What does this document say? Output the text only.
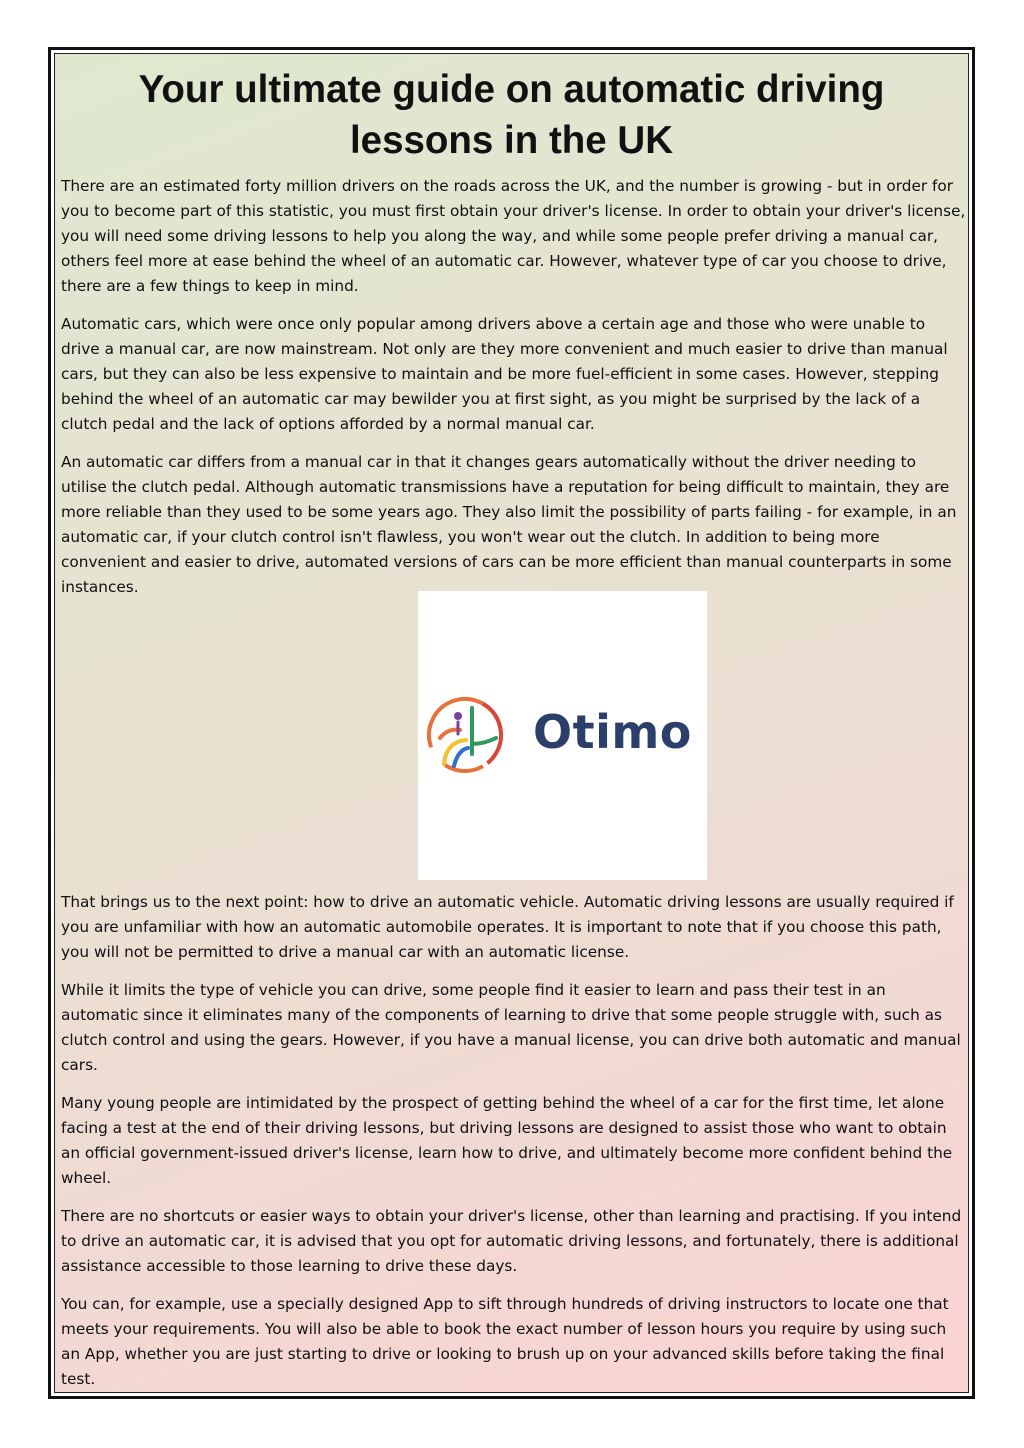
Your ultimate guide on automatic driving lessons in the UK

There are an estimated forty million drivers on the roads across the UK, and the number is growing - but in order for you to become part of this statistic, you must first obtain your driver's license. In order to obtain your driver's license, you will need some driving lessons to help you along the way, and while some people prefer driving a manual car, others feel more at ease behind the wheel of an automatic car. However, whatever type of car you choose to drive, there are a few things to keep in mind.

Automatic cars, which were once only popular among drivers above a certain age and those who were unable to drive a manual car, are now mainstream. Not only are they more convenient and much easier to drive than manual cars, but they can also be less expensive to maintain and be more fuel-efficient in some cases. However, stepping behind the wheel of an automatic car may bewilder you at first sight, as you might be surprised by the lack of a clutch pedal and the lack of options afforded by a normal manual car.

An automatic car differs from a manual car in that it changes gears automatically without the driver needing to utilise the clutch pedal. Although automatic transmissions have a reputation for being difficult to maintain, they are more reliable than they used to be some years ago. They also limit the possibility of parts failing - for example, in an automatic car, if your clutch control isn't flawless, you won't wear out the clutch. In addition to being more convenient and easier to drive, automated versions of cars can be more efficient than manual counterparts in some instances.

Otimo

That brings us to the next point: how to drive an automatic vehicle. Automatic driving lessons are usually required if you are unfamiliar with how an automatic automobile operates. It is important to note that if you choose this path, you will not be permitted to drive a manual car with an automatic license.

While it limits the type of vehicle you can drive, some people find it easier to learn and pass their test in an automatic since it eliminates many of the components of learning to drive that some people struggle with, such as clutch control and using the gears. However, if you have a manual license, you can drive both automatic and manual cars.

Many young people are intimidated by the prospect of getting behind the wheel of a car for the first time, let alone facing a test at the end of their driving lessons, but driving lessons are designed to assist those who want to obtain an official government-issued driver's license, learn how to drive, and ultimately become more confident behind the wheel.

There are no shortcuts or easier ways to obtain your driver's license, other than learning and practising. If you intend to drive an automatic car, it is advised that you opt for automatic driving lessons, and fortunately, there is additional assistance accessible to those learning to drive these days.

You can, for example, use a specially designed App to sift through hundreds of driving instructors to locate one that meets your requirements. You will also be able to book the exact number of lesson hours you require by using such an App, whether you are just starting to drive or looking to brush up on your advanced skills before taking the final test.
